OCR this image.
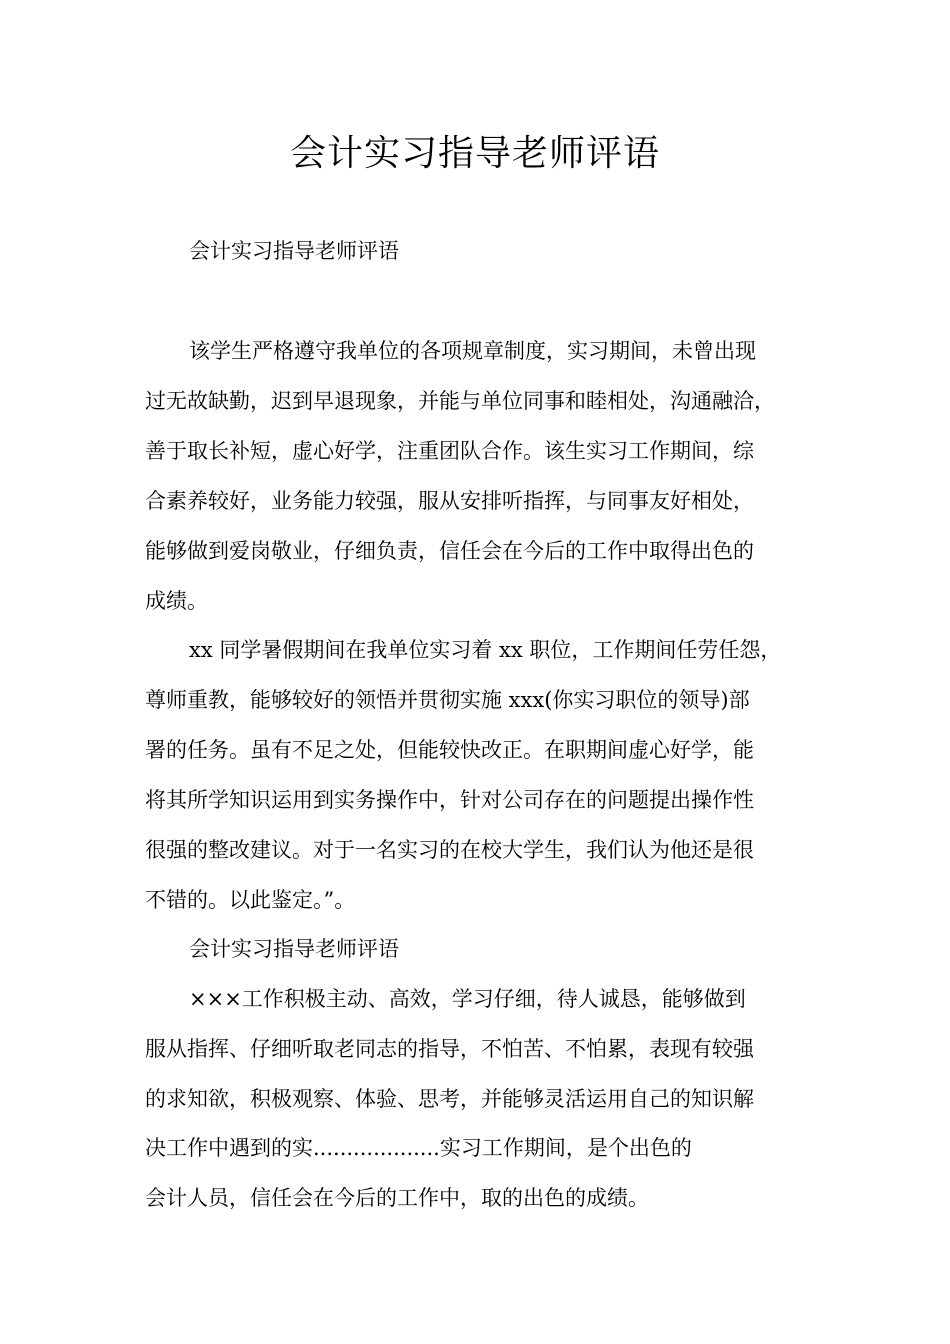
会计实习指导老师评语
会计实习指导老师评语
该学生严格遵守我单位的各项规章制度，实习期间，未曾出现
过无故缺勤，迟到早退现象，并能与单位同事和睦相处，沟通融洽，
善于取长补短，虚心好学，注重团队合作。该生实习工作期间，综
合素养较好，业务能力较强，服从安排听指挥，与同事友好相处，
能够做到爱岗敬业，仔细负责，信任会在今后的工作中取得出色的
成绩。
xx 同学暑假期间在我单位实习着 xx 职位，工作期间任劳任怨，
尊师重教，能够较好的领悟并贯彻实施 xxx(你实习职位的领导)部
署的任务。虽有不足之处，但能较快改正。在职期间虚心好学，能
将其所学知识运用到实务操作中，针对公司存在的问题提出操作性
很强的整改建议。对于一名实习的在校大学生，我们认为他还是很
不错的。以此鉴定。”。
会计实习指导老师评语
×××工作积极主动、高效，学习仔细，待人诚恳，能够做到
服从指挥、仔细听取老同志的指导，不怕苦、不怕累，表现有较强
的求知欲，积极观察、体验、思考，并能够灵活运用自己的知识解
决工作中遇到的实...................实习工作期间，是个出色的
会计人员，信任会在今后的工作中，取的出色的成绩。
